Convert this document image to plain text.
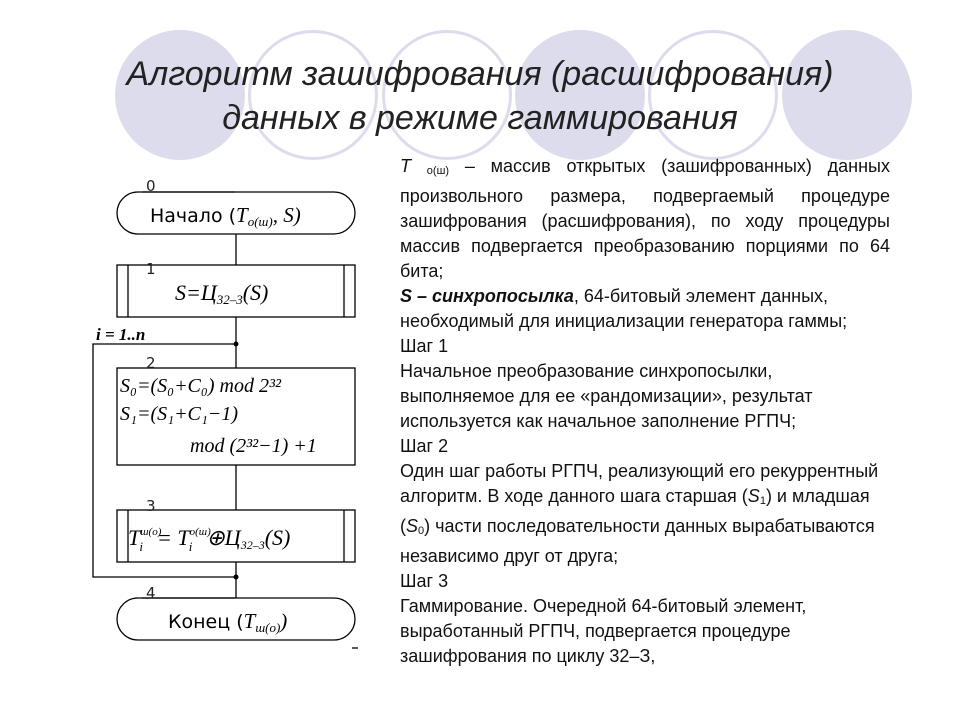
Алгоритм зашифрования (расшифрования)
данных в режиме гаммирования
0
1
2
3
4
Начало ($T_{о(ш)}$, S)
S=Ц32–3(S)
S₀=(S₀+C₀) mod 2³²
S₁=(S₁+C₁−1)
mod (2³²−1) +1
$T^{ш(о)}$ $i = T^{о(ш)}$ i ⊕Ц32–3(S)
Конец $(T_{ш(о)})$
i = 1..n

T о(ш) – массив открытых (зашифрованных) данных произвольного размера, подвергаемый процедуре зашифрования (расшифрования), по ходу процедуры массив подвергается преобразованию порциями по 64 бита;

S – синхропосылка, 64-битовый элемент данных, необходимый для инициализации генератора гаммы;

Шаг 1

Начальное преобразование синхропосылки, выполняемое для ее «рандомизации», результат используется как начальное заполнение РГПЧ;

Шаг 2

Один шаг работы РГПЧ, реализующий его рекуррентный алгоритм. В ходе данного шага старшая (S1) и младшая (S0) части последовательности данных вырабатываются независимо друг от друга;

Шаг 3

Гаммирование. Очередной 64-битовый элемент, выработанный РГПЧ, подвергается процедуре зашифрования по циклу 32–З,
